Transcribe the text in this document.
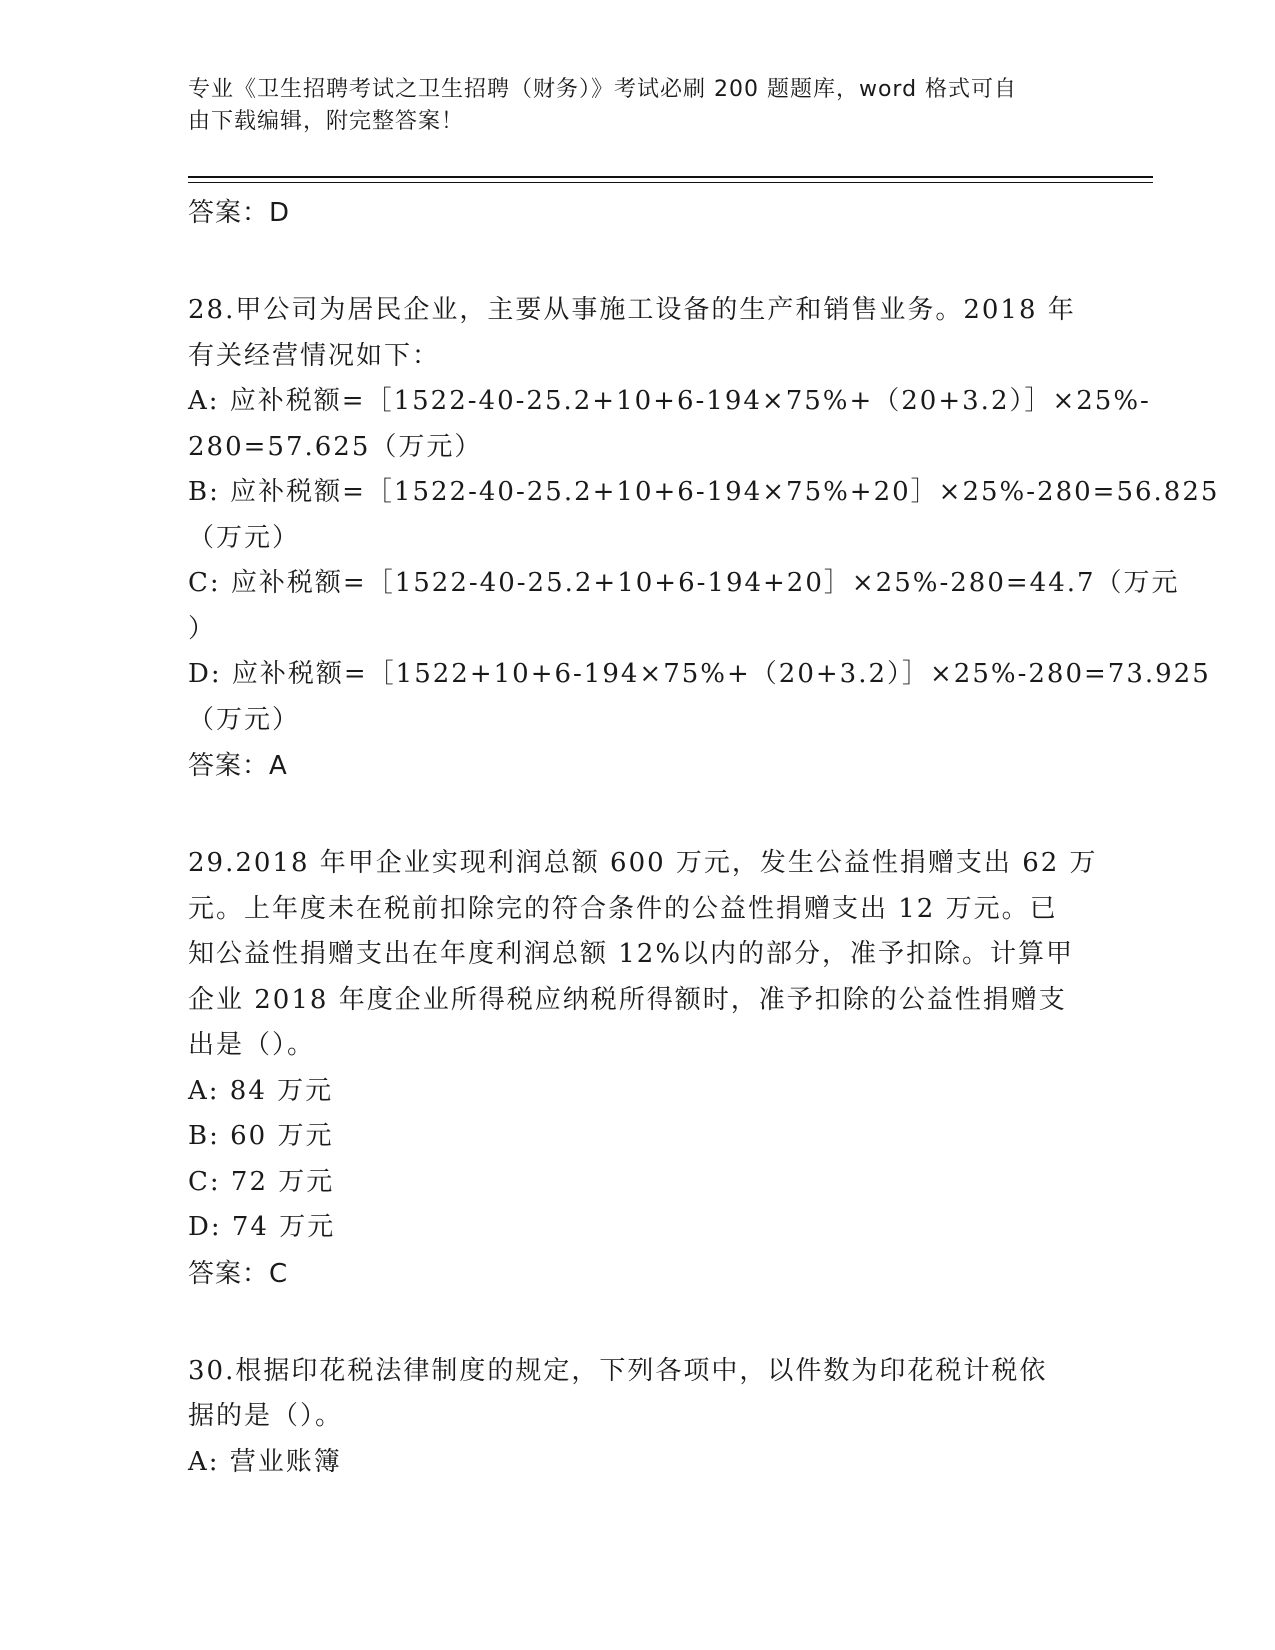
专业《卫生招聘考试之卫生招聘（财务）》考试必刷 200 题题库，word 格式可自
由下载编辑，附完整答案！

答案：D

28.甲公司为居民企业，主要从事施工设备的生产和销售业务。2018 年

有关经营情况如下：

A: 应补税额=［1522-40-25.2+10+6-194×75%+（20+3.2）］×25%-

280=57.625（万元）

B: 应补税额=［1522-40-25.2+10+6-194×75%+20］×25%-280=56.825

（万元）

C: 应补税额=［1522-40-25.2+10+6-194+20］×25%-280=44.7（万元

）

D: 应补税额=［1522+10+6-194×75%+（20+3.2）］×25%-280=73.925

（万元）

答案：A

29.2018 年甲企业实现利润总额 600 万元，发生公益性捐赠支出 62 万

元。上年度未在税前扣除完的符合条件的公益性捐赠支出 12 万元。已

知公益性捐赠支出在年度利润总额 12%以内的部分，准予扣除。计算甲

企业 2018 年度企业所得税应纳税所得额时，准予扣除的公益性捐赠支

出是（）。

A: 84 万元

B: 60 万元

C: 72 万元

D: 74 万元

答案：C

30.根据印花税法律制度的规定，下列各项中，以件数为印花税计税依

据的是（）。

A: 营业账簿
